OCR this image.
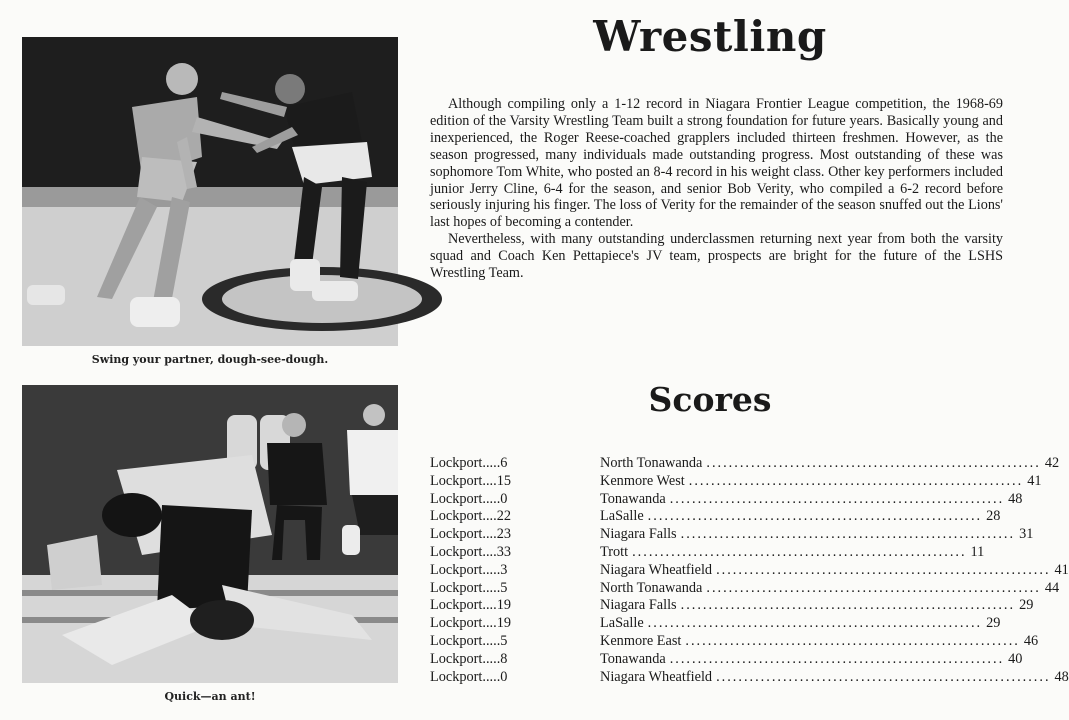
Swing your partner, dough-see-dough.
Quick—an ant!
Wrestling

Although compiling only a 1-12 record in Niagara Frontier League competition, the 1968-69 edition of the Varsity Wrestling Team built a strong foundation for future years. Basically young and inexperienced, the Roger Reese-coached grapplers included thirteen freshmen. However, as the season progressed, many individuals made outstanding progress. Most outstanding of these was sophomore Tom White, who posted an 8-4 record in his weight class. Other key performers included junior Jerry Cline, 6-4 for the season, and senior Bob Verity, who compiled a 6-2 record before seriously injuring his finger. The loss of Verity for the remainder of the season snuffed out the Lions' last hopes of becoming a contender.

Nevertheless, with many outstanding underclassmen returning next year from both the varsity squad and Coach Ken Pettapiece's JV team, prospects are bright for the future of the LSHS Wrestling Team.

Scores
Lockport.....6
Lockport....15
Lockport.....0
Lockport....22
Lockport....23
Lockport....33
Lockport.....3
Lockport.....5
Lockport....19
Lockport....19
Lockport.....5
Lockport.....8
Lockport.....0
North Tonawanda ............................................................ 42
Kenmore West ............................................................ 41
Tonawanda ............................................................ 48
LaSalle ............................................................ 28
Niagara Falls ............................................................ 31
Trott ............................................................ 11
Niagara Wheatfield ............................................................ 41
North Tonawanda ............................................................ 44
Niagara Falls ............................................................ 29
LaSalle ............................................................ 29
Kenmore East ............................................................ 46
Tonawanda ............................................................ 40
Niagara Wheatfield ............................................................ 48
